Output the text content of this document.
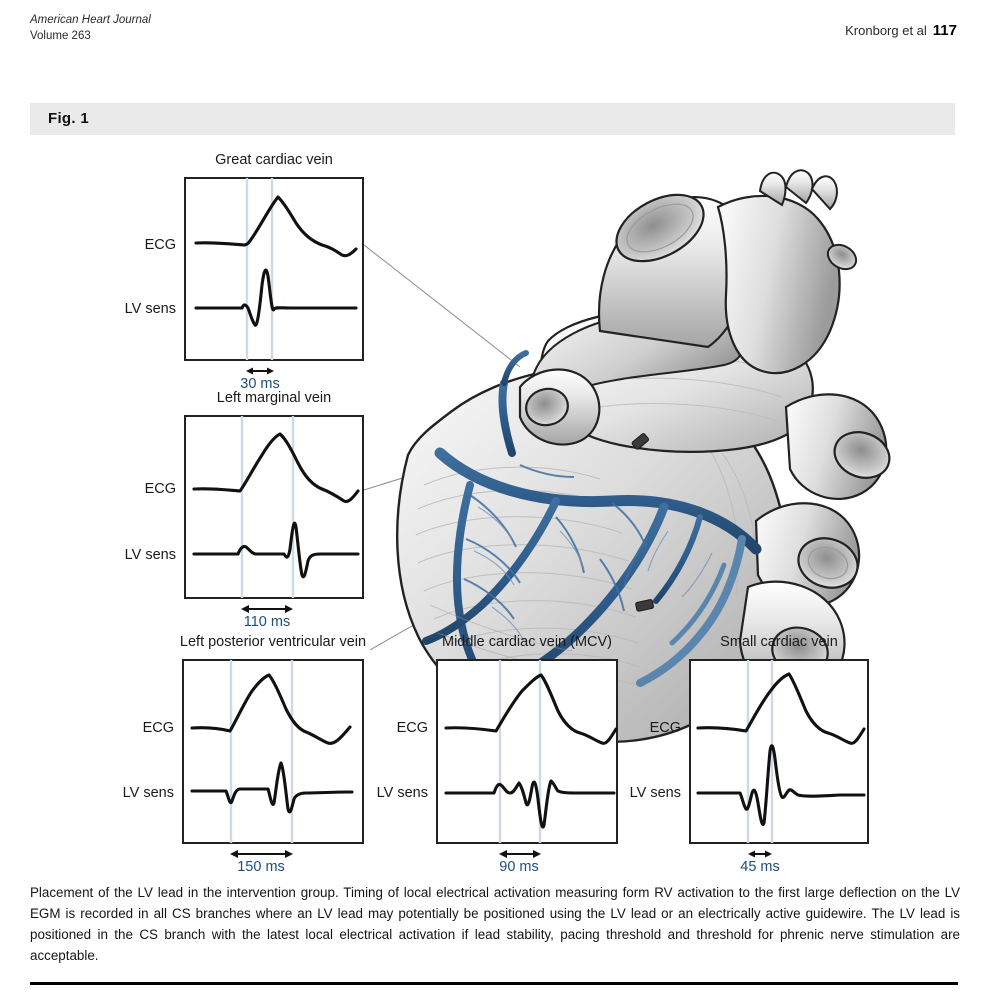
American Heart Journal
Volume 263	Kronborg et al 117
Fig. 1
Great cardiac vein
30 ms
ECG
LV sens
Left marginal vein
110 ms
ECG
LV sens
Left posterior ventricular vein
150 ms
ECG
LV sens
Middle cardiac vein (MCV)
90 ms
ECG
LV sens
Small cardiac vein
45 ms
ECG
LV sens
Placement of the LV lead in the intervention group. Timing of local electrical activation measuring form RV activation to the first large deflection on the LV EGM is recorded in all CS branches where an LV lead may potentially be positioned using the LV lead or an electrically active guidewire. The LV lead is positioned in the CS branch with the latest local electrical activation if lead stability, pacing threshold and threshold for phrenic nerve stimulation are acceptable.
